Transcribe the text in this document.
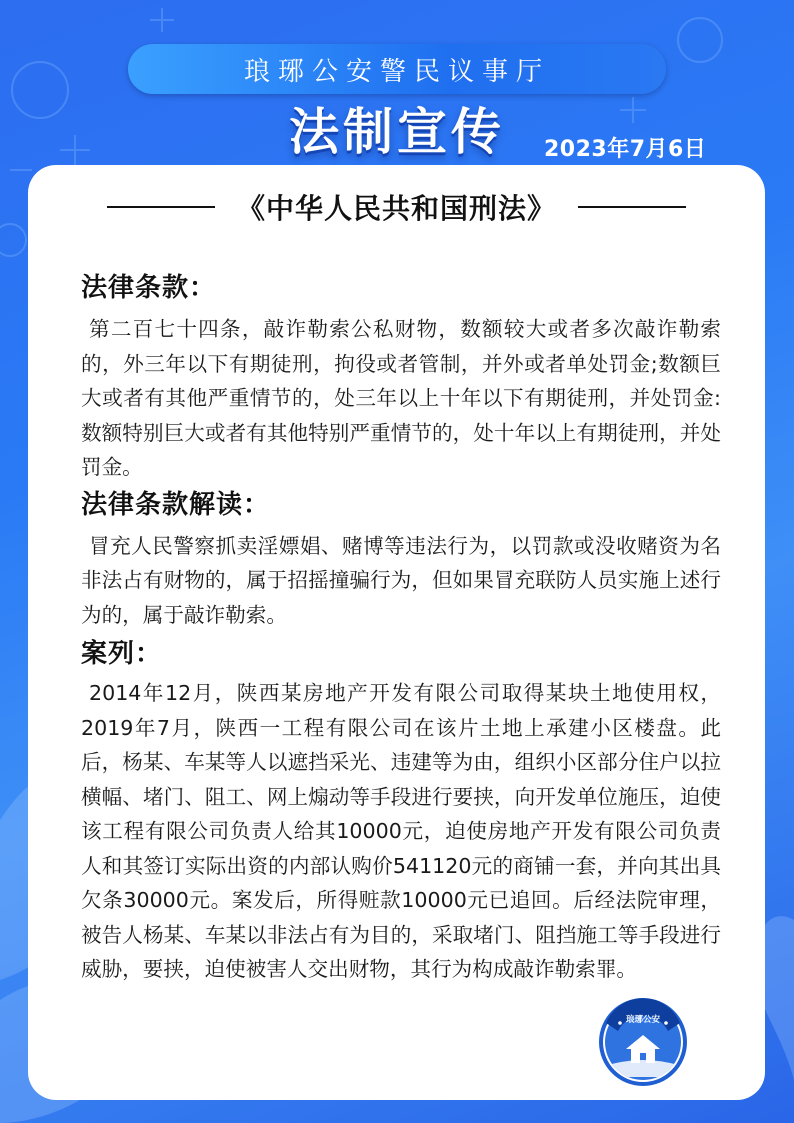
琅琊公安警民议事厅
法制宣传	2023年7月6日
《中华人民共和国刑法》
法律条款：

第二百七十四条，敲诈勒索公私财物，数额较大或者多次敲诈勒索的，外三年以下有期徒刑，拘役或者管制，并外或者单处罚金;数额巨大或者有其他严重情节的，处三年以上十年以下有期徒刑，并处罚金:数额特别巨大或者有其他特别严重情节的，处十年以上有期徒刑，并处罚金。

法律条款解读：

冒充人民警察抓卖淫嫖娼、赌博等违法行为，以罚款或没收赌资为名非法占有财物的，属于招摇撞骗行为，但如果冒充联防人员实施上述行为的，属于敲诈勒索。

案列：

2014年12月，陕西某房地产开发有限公司取得某块土地使用权，2019年7月，陕西一工程有限公司在该片土地上承建小区楼盘。此后，杨某、车某等人以遮挡采光、违建等为由，组织小区部分住户以拉横幅、堵门、阻工、网上煽动等手段进行要挟，向开发单位施压，迫使该工程有限公司负责人给其10000元，迫使房地产开发有限公司负责人和其签订实际出资的内部认购价541120元的商铺一套，并向其出具欠条30000元。案发后，所得赃款10000元已追回。后经法院审理，被告人杨某、车某以非法占有为目的，采取堵门、阻挡施工等手段进行威胁，要挟，迫使被害人交出财物，其行为构成敲诈勒索罪。

琅琊公安
